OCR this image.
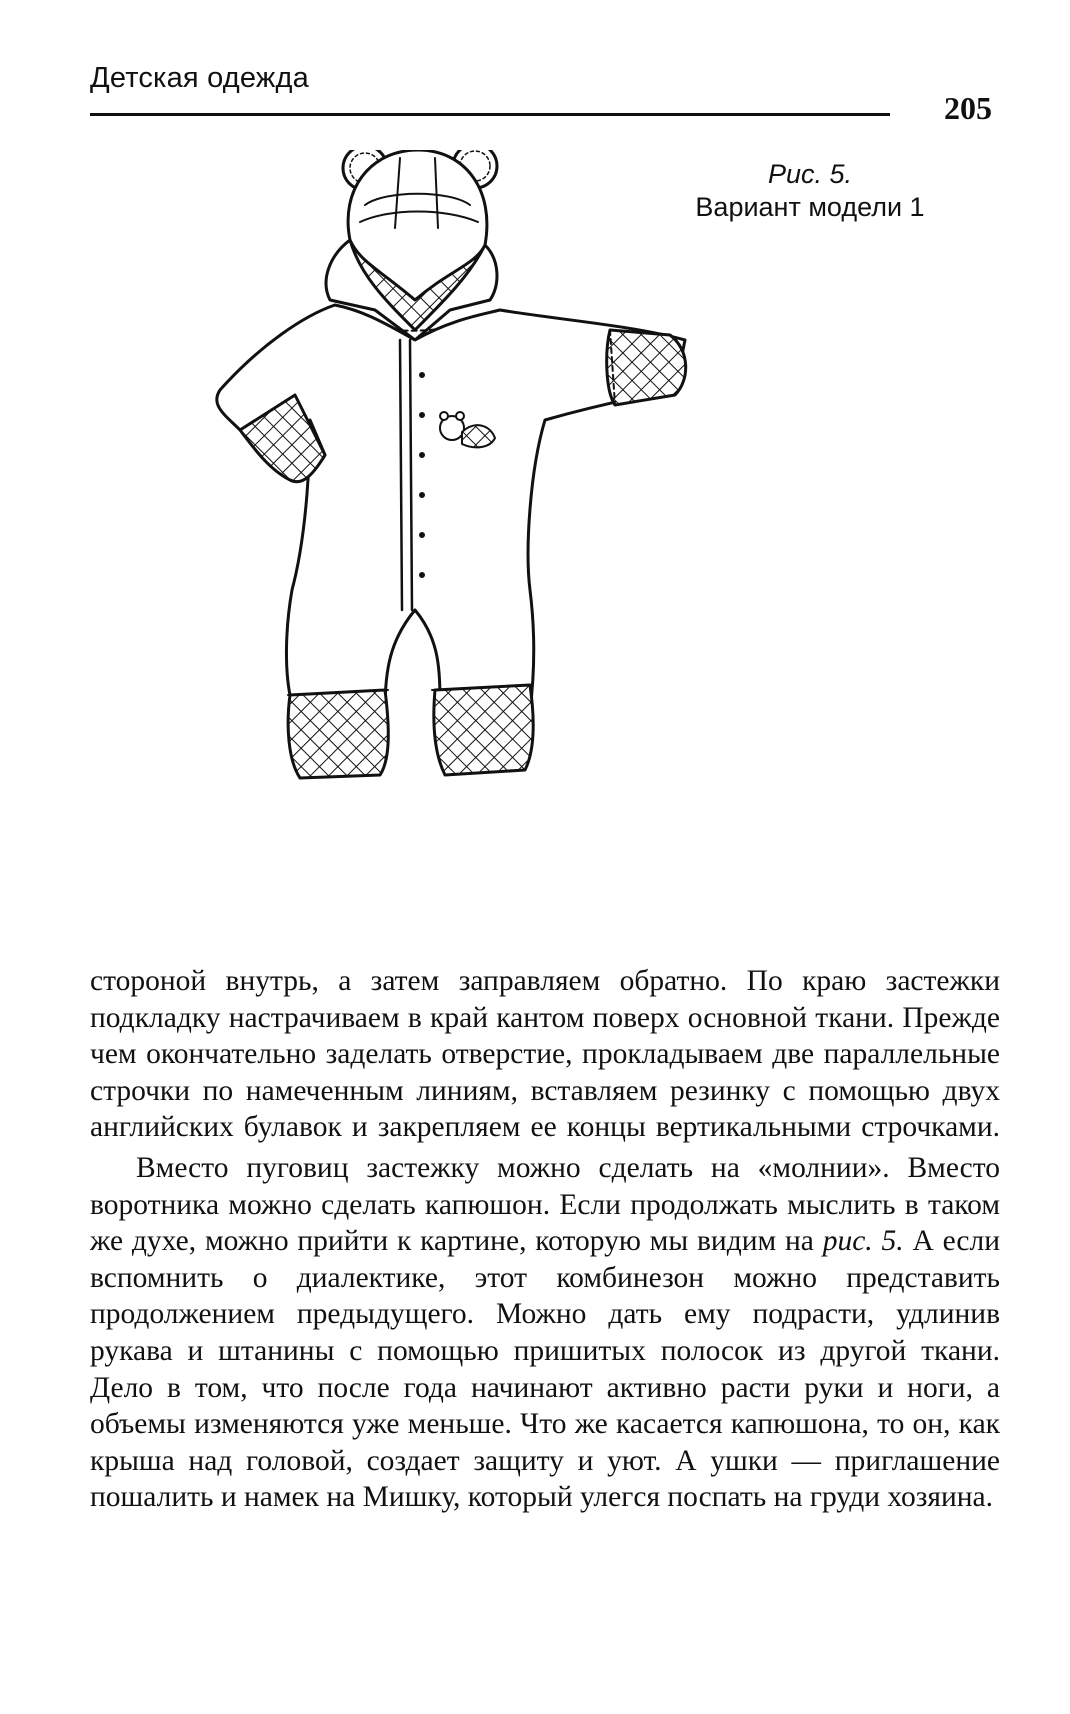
Детская одежда
205
Рис. 5.
Вариант модели 1

стороной внутрь, а затем заправляем обратно. По краю застежки подкладку настрачиваем в край кантом поверх основной ткани. Прежде чем окончательно заделать отверстие, прокладываем две параллельные строчки по намеченным линиям, вставляем резинку с помощью двух английских булавок и закрепляем ее концы вертикальными строчками.

Вместо пуговиц застежку можно сделать на «молнии». Вместо воротника можно сделать капюшон. Если продолжать мыслить в таком же духе, можно прийти к картине, которую мы видим на рис. 5. А если вспомнить о диалектике, этот комбинезон можно представить продолжением предыдущего. Можно дать ему подрасти, удлинив рукава и штанины с помощью пришитых полосок из другой ткани. Дело в том, что после года начинают активно расти руки и ноги, а объемы изменяются уже меньше. Что же касается капюшона, то он, как крыша над головой, создает защиту и уют. А ушки — приглашение пошалить и намек на Мишку, который улегся поспать на груди хозяина.
